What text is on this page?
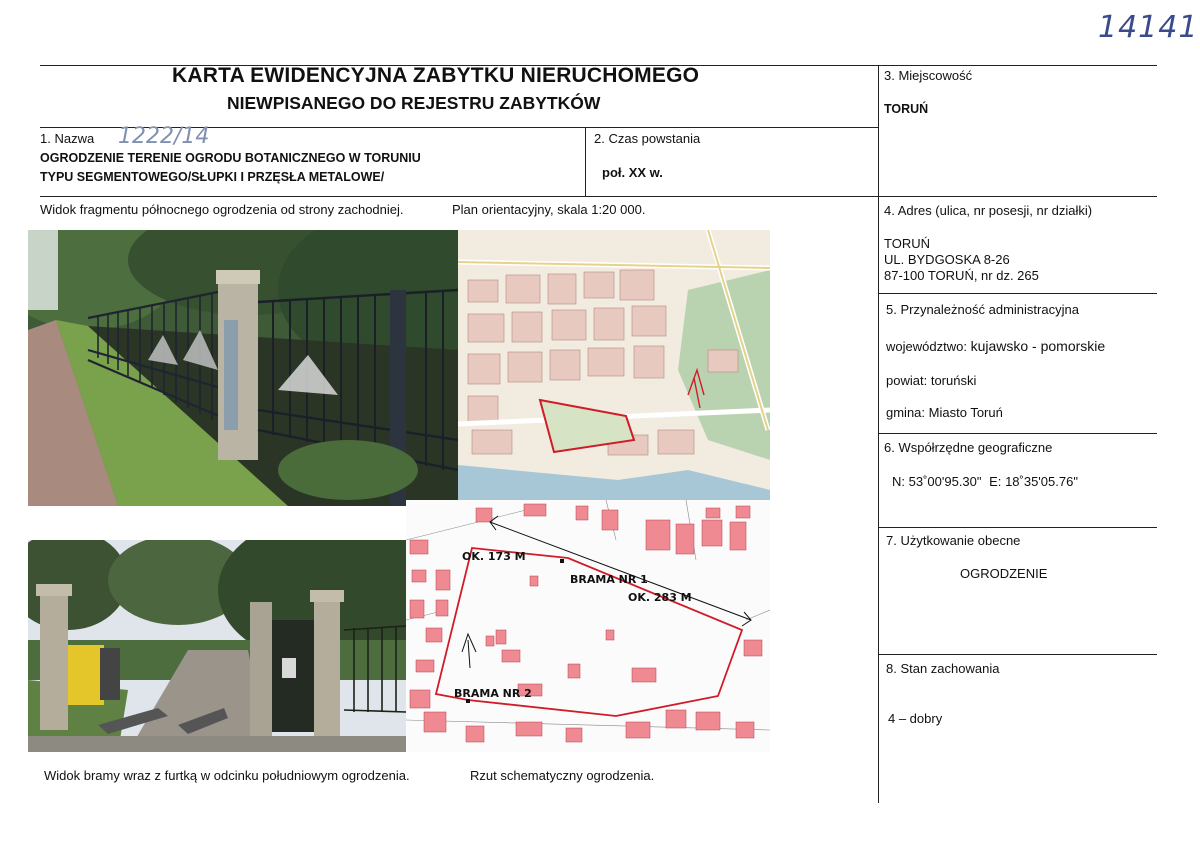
14141
KARTA EWIDENCYJNA ZABYTKU NIERUCHOMEGO
NIEWPISANEGO DO REJESTRU ZABYTKÓW
1. Nazwa 1222/14
OGRODZENIE TERENIE OGRODU BOTANICZNEGO W TORUNIU
TYPU SEGMENTOWEGO/SŁUPKI I PRZĘSŁA METALOWE/
2. Czas powstania
poł. XX w.
3. Miejscowość
TORUŃ
4. Adres (ulica, nr posesji, nr działki)
TORUŃ
UL. BYDGOSKA 8-26
87-100 TORUŃ, nr dz. 265
5. Przynależność administracyjna
województwo: kujawsko - pomorskie
powiat: toruński
gmina: Miasto Toruń
6. Współrzędne geograficzne
N: 53˚00'95.30" E: 18˚35'05.76"
7. Użytkowanie obecne
OGRODZENIE
8. Stan zachowania
4 – dobry
Widok fragmentu północnego ogrodzenia od strony zachodniej.	Plan orientacyjny, skala 1:20 000.
Widok bramy wraz z furtką w odcinku południowym ogrodzenia.	Rzut schematyczny ogrodzenia.
OK. 173 M
BRAMA NR 1
OK. 283 M
BRAMA NR 2
